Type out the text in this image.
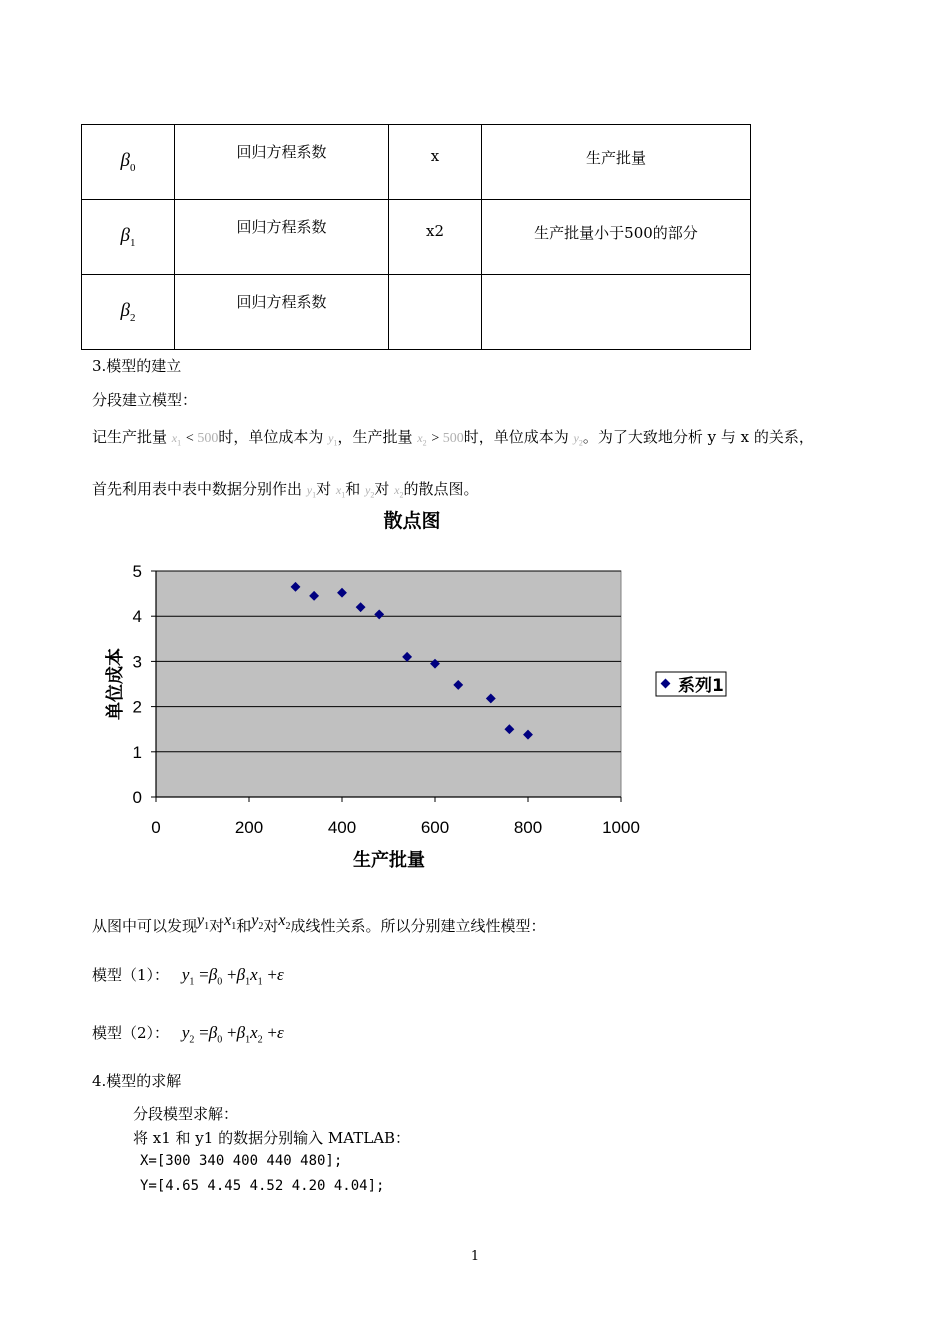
$\beta_0$	回归方程系数	x	生产批量

$\beta_1$	回归方程系数	x2	生产批量小于500的部分

$\beta_2$	回归方程系数		

3.模型的建立
分段建立模型：
记生产批量 $x_1 < 500$时，单位成本为 $y_1$，生产批量 $x_2 > 500$时，单位成本为 $y_2$。为了大致地分析 y 与 x 的关系，
首先利用表中表中数据分别作出 $y_1$对 $x_1$和 $y_2$对 $x_2$的散点图。
散点图
0	200	400	600	800	1000
0
1
2
3
4
5
生产批量
单位成本	系列1
从图中可以发现$y_1$对$x_1$和$y_2$对$x_2$成线性关系。所以分别建立线性模型：
模型（1）： $y_1 =\beta_0 +\beta_1x_1 +\varepsilon$
模型（2）： $y_2 =\beta_0 +\beta_1x_2 +\varepsilon$
4.模型的求解
分段模型求解：
将 x1 和 y1 的数据分别输入 MATLAB：
X=[300 340 400 440 480];
Y=[4.65 4.45 4.52 4.20 4.04];
1
